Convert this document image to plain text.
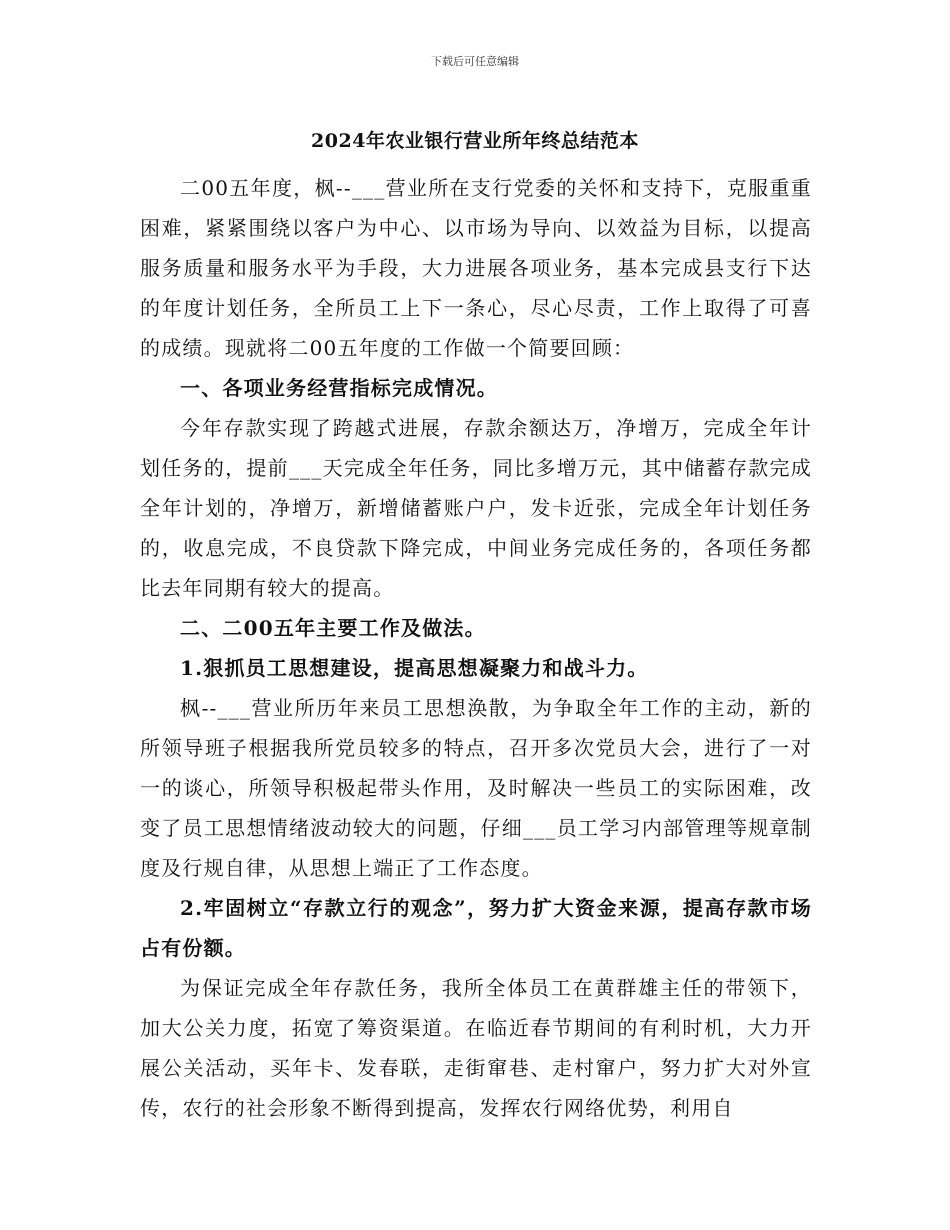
下载后可任意编辑
2024年农业银行营业所年终总结范本

二00五年度，枫--___营业所在支行党委的关怀和支持下，克服重重困难，紧紧围绕以客户为中心、以市场为导向、以效益为目标，以提高服务质量和服务水平为手段，大力进展各项业务，基本完成县支行下达的年度计划任务，全所员工上下一条心，尽心尽责，工作上取得了可喜的成绩。现就将二00五年度的工作做一个简要回顾：

一、各项业务经营指标完成情况。

今年存款实现了跨越式进展，存款余额达万，净增万，完成全年计划任务的，提前___天完成全年任务，同比多增万元，其中储蓄存款完成全年计划的，净增万，新增储蓄账户户，发卡近张，完成全年计划任务的，收息完成，不良贷款下降完成，中间业务完成任务的，各项任务都比去年同期有较大的提高。

二、二00五年主要工作及做法。

1.狠抓员工思想建设，提高思想凝聚力和战斗力。

枫--___营业所历年来员工思想涣散，为争取全年工作的主动，新的所领导班子根据我所党员较多的特点，召开多次党员大会，进行了一对一的谈心，所领导积极起带头作用，及时解决一些员工的实际困难，改变了员工思想情绪波动较大的问题，仔细___员工学习内部管理等规章制度及行规自律，从思想上端正了工作态度。

2.牢固树立“存款立行的观念”，努力扩大资金来源，提高存款市场占有份额。

为保证完成全年存款任务，我所全体员工在黄群雄主任的带领下，加大公关力度，拓宽了筹资渠道。在临近春节期间的有利时机，大力开展公关活动，买年卡、发春联，走街窜巷、走村窜户，努力扩大对外宣传，农行的社会形象不断得到提高，发挥农行网络优势，利用自
